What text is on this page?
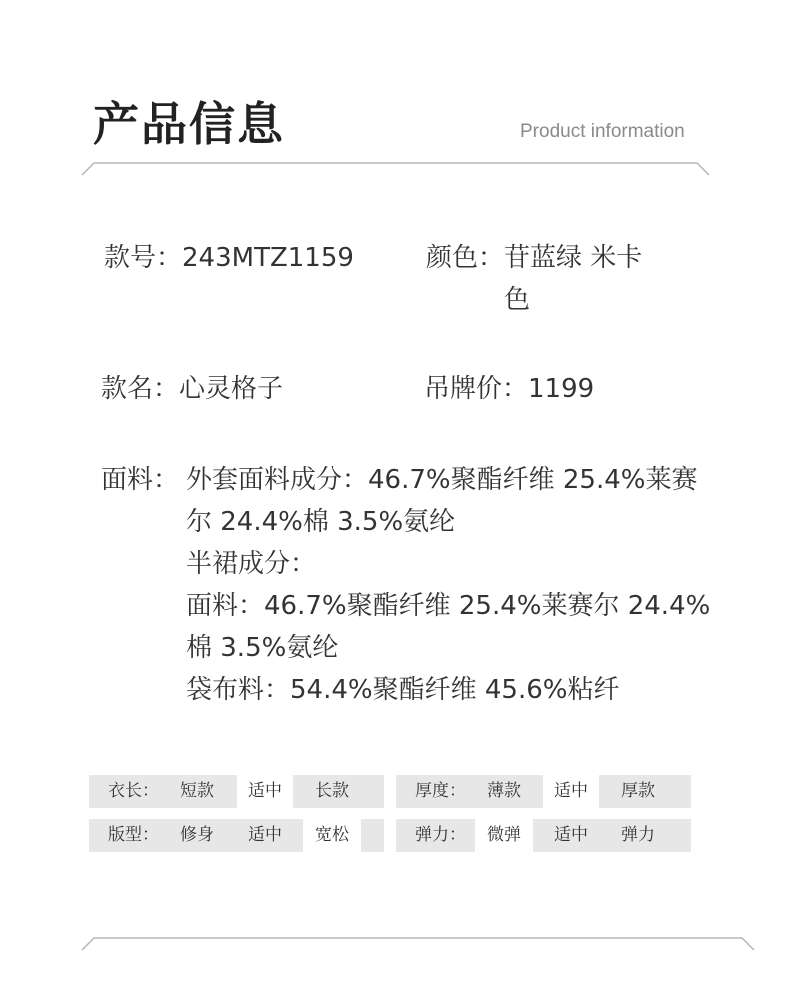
产品信息	Product information
款号：243MTZ1159	颜色： 苷蓝绿 米卡
色
款名：心灵格子	吊牌价：1199
面料： 外套面料成分：46.7%聚酯纤维 25.4%莱赛
尔 24.4%棉 3.5%氨纶
半裙成分：
面料：46.7%聚酯纤维 25.4%莱赛尔 24.4%
棉 3.5%氨纶
袋布料：54.4%聚酯纤维 45.6%粘纤
衣长：	短款	适中	长款	厚度：	薄款	适中	厚款
版型：	修身	适中	宽松	弹力：	微弹	适中	弹力
